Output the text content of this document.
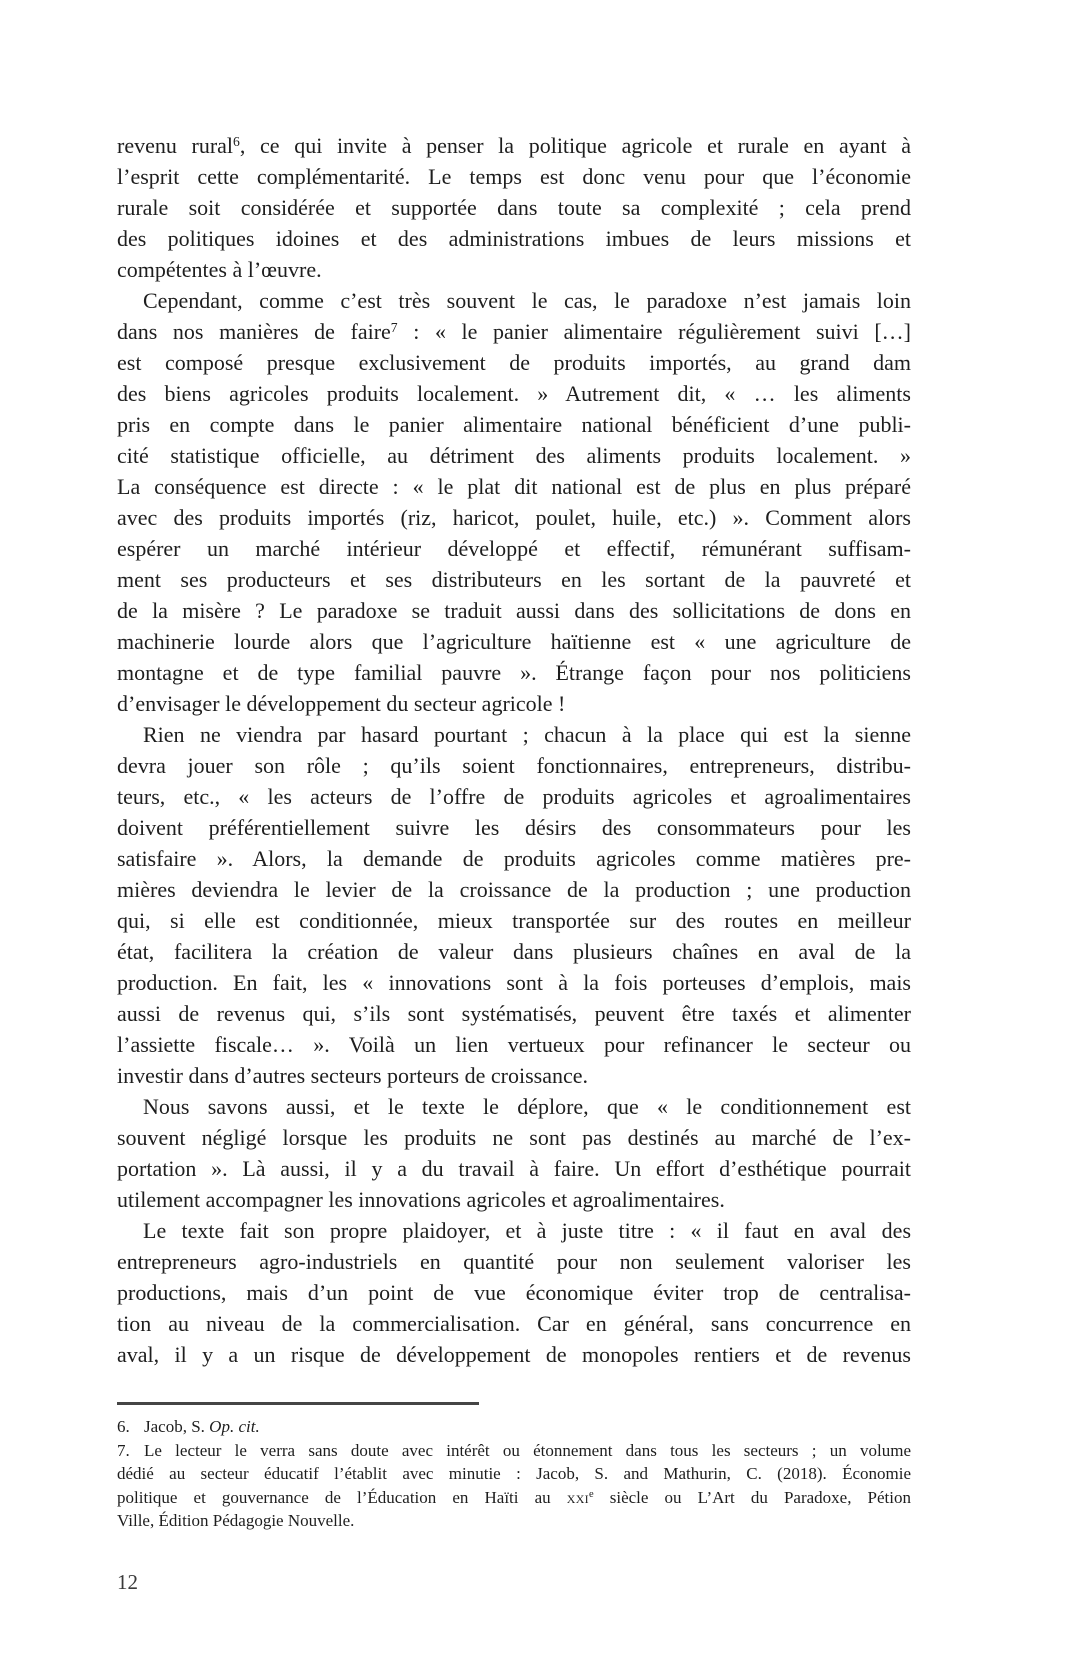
revenu rural$^6$, ce qui invite à penser la politique agricole et rurale en ayant à
l’esprit cette complémentarité. Le temps est donc venu pour que l’économie
rurale soit considérée et supportée dans toute sa complexité ; cela prend
des politiques idoines et des administrations imbues de leurs missions et
compétentes à l’œuvre.
Cependant, comme c’est très souvent le cas, le paradoxe n’est jamais loin
dans nos manières de faire$^7$ : « le panier alimentaire régulièrement suivi […]
est composé presque exclusivement de produits importés, au grand dam
des biens agricoles produits localement. » Autrement dit, « … les aliments
pris en compte dans le panier alimentaire national bénéficient d’une publi-
cité statistique officielle, au détriment des aliments produits localement. »
La conséquence est directe : « le plat dit national est de plus en plus préparé
avec des produits importés (riz, haricot, poulet, huile, etc.) ». Comment alors
espérer un marché intérieur développé et effectif, rémunérant suffisam-
ment ses producteurs et ses distributeurs en les sortant de la pauvreté et
de la misère ? Le paradoxe se traduit aussi dans des sollicitations de dons en
machinerie lourde alors que l’agriculture haïtienne est « une agriculture de
montagne et de type familial pauvre ». Étrange façon pour nos politiciens
d’envisager le développement du secteur agricole !
Rien ne viendra par hasard pourtant ; chacun à la place qui est la sienne
devra jouer son rôle ; qu’ils soient fonctionnaires, entrepreneurs, distribu-
teurs, etc., « les acteurs de l’offre de produits agricoles et agroalimentaires
doivent préférentiellement suivre les désirs des consommateurs pour les
satisfaire ». Alors, la demande de produits agricoles comme matières pre-
mières deviendra le levier de la croissance de la production ; une production
qui, si elle est conditionnée, mieux transportée sur des routes en meilleur
état, facilitera la création de valeur dans plusieurs chaînes en aval de la
production. En fait, les « innovations sont à la fois porteuses d’emplois, mais
aussi de revenus qui, s’ils sont systématisés, peuvent être taxés et alimenter
l’assiette fiscale… ». Voilà un lien vertueux pour refinancer le secteur ou
investir dans d’autres secteurs porteurs de croissance.
Nous savons aussi, et le texte le déplore, que « le conditionnement est
souvent négligé lorsque les produits ne sont pas destinés au marché de l’ex-
portation ». Là aussi, il y a du travail à faire. Un effort d’esthétique pourrait
utilement accompagner les innovations agricoles et agroalimentaires.
Le texte fait son propre plaidoyer, et à juste titre : « il faut en aval des
entrepreneurs agro-industriels en quantité pour non seulement valoriser les
productions, mais d’un point de vue économique éviter trop de centralisa-
tion au niveau de la commercialisation. Car en général, sans concurrence en
aval, il y a un risque de développement de monopoles rentiers et de revenus
6. Jacob, S. Op. cit.
7. Le lecteur le verra sans doute avec intérêt ou étonnement dans tous les secteurs ; un volume
dédié au secteur éducatif l’établit avec minutie : Jacob, S. and Mathurin, C. (2018). Économie
politique et gouvernance de l’Éducation en Haïti au xxi$^e$ siècle ou L’Art du Paradoxe, Pétion
Ville, Édition Pédagogie Nouvelle.
12
